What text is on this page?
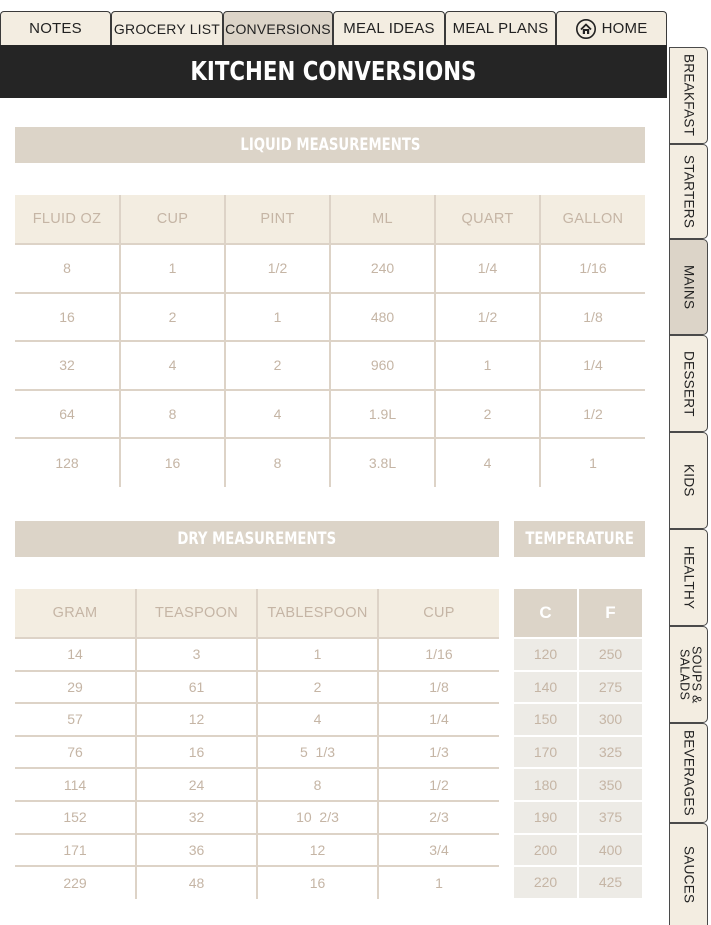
NOTES GROCERY LIST CONVERSIONS MEAL IDEAS MEAL PLANS	HOME
KITCHEN CONVERSIONS	BREAKFAST
STARTERS
MAINS
DESSERT
KIDS
HEALTHY
SOUPS & SALADS
BEVERAGES
SAUCES
LIQUID MEASUREMENTS
FLUID OZ	CUP	PINT	ML	QUART	GALLON
8	1	1/2	240	1/4	1/16
16	2	1	480	1/2	1/8
32	4	2	960	1	1/4
64	8	4	1.9L	2	1/2
128	16	8	3.8L	4	1
DRY MEASUREMENTS
GRAM	TEASPOON	TABLESPOON	CUP
14	3	1	1/16
29	61	2	1/8
57	12	4	1/4
76	16	5  1/3	1/3
114	24	8	1/2
152	32	10  2/3	2/3
171	36	12	3/4
229	48	16	1
TEMPERATURE
C	F
120	250
140	275
150	300
170	325
180	350
190	375
200	400
220	425
